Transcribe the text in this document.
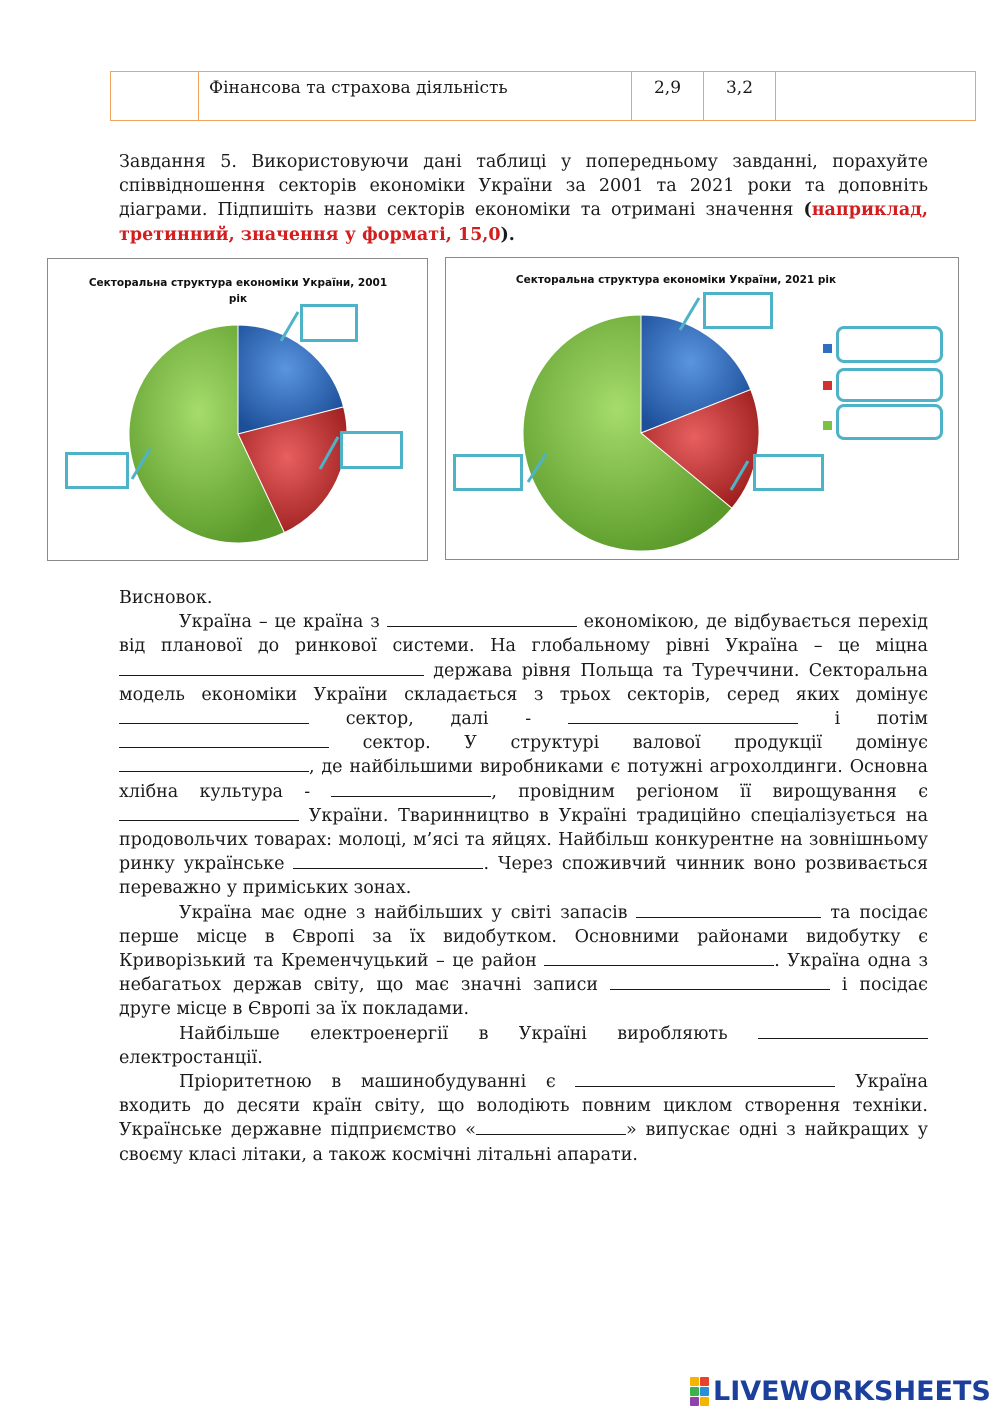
Фінансова та страхова діяльність	2,9	3,2

Завдання 5. Використовуючи дані таблиці у попередньому завданні, порахуйте співвідношення секторів економіки України за 2001 та 2021 роки та доповніть діаграми. Підпишіть назви секторів економіки та отримані значення (наприклад, третинний, значення у форматі, 15,0).

Секторальна структура економіки України, 2001 рік
Секторальна структура економіки України, 2021 рік

Висновок.

Україна – це країна з	економікою, де відбувається перехід від планової до ринкової системи. На глобальному рівні Україна – це міцна  держава рівня Польща та Туреччини. Секторальна модель економіки України складається з трьох секторів, серед яких домінує  сектор, далі -	і потім  сектор. У структурі валової продукції домінує , де найбільшими виробниками є потужні агрохолдинги. Основна хлібна культура -	, провідним регіоном її вирощування є  України. Тваринництво в Україні традиційно спеціалізується на продовольчих товарах: молоці, м’ясі та яйцях. Найбільш конкурентне на зовнішньому ринку українське	. Через споживчий чинник воно розвивається переважно у приміських зонах.

Україна має одне з найбільших у світі запасів	та посідає перше місце в Європі за їх видобутком. Основними районами видобутку є Криворізький та Кременчуцький – це район	. Україна одна з небагатьох держав світу, що має значні записи	і посідає друге місце в Європі за їх покладами.

Найбільше електроенергії в Україні виробляють  електростанції.

Пріоритетною в машинобудуванні є	Україна входить до десяти країн світу, що володіють повним циклом створення техніки. Українське державне підприємство «	» випускає одні з найкращих у своєму класі літаки, а також космічні літальні апарати.

LIVEWORKSHEETS
